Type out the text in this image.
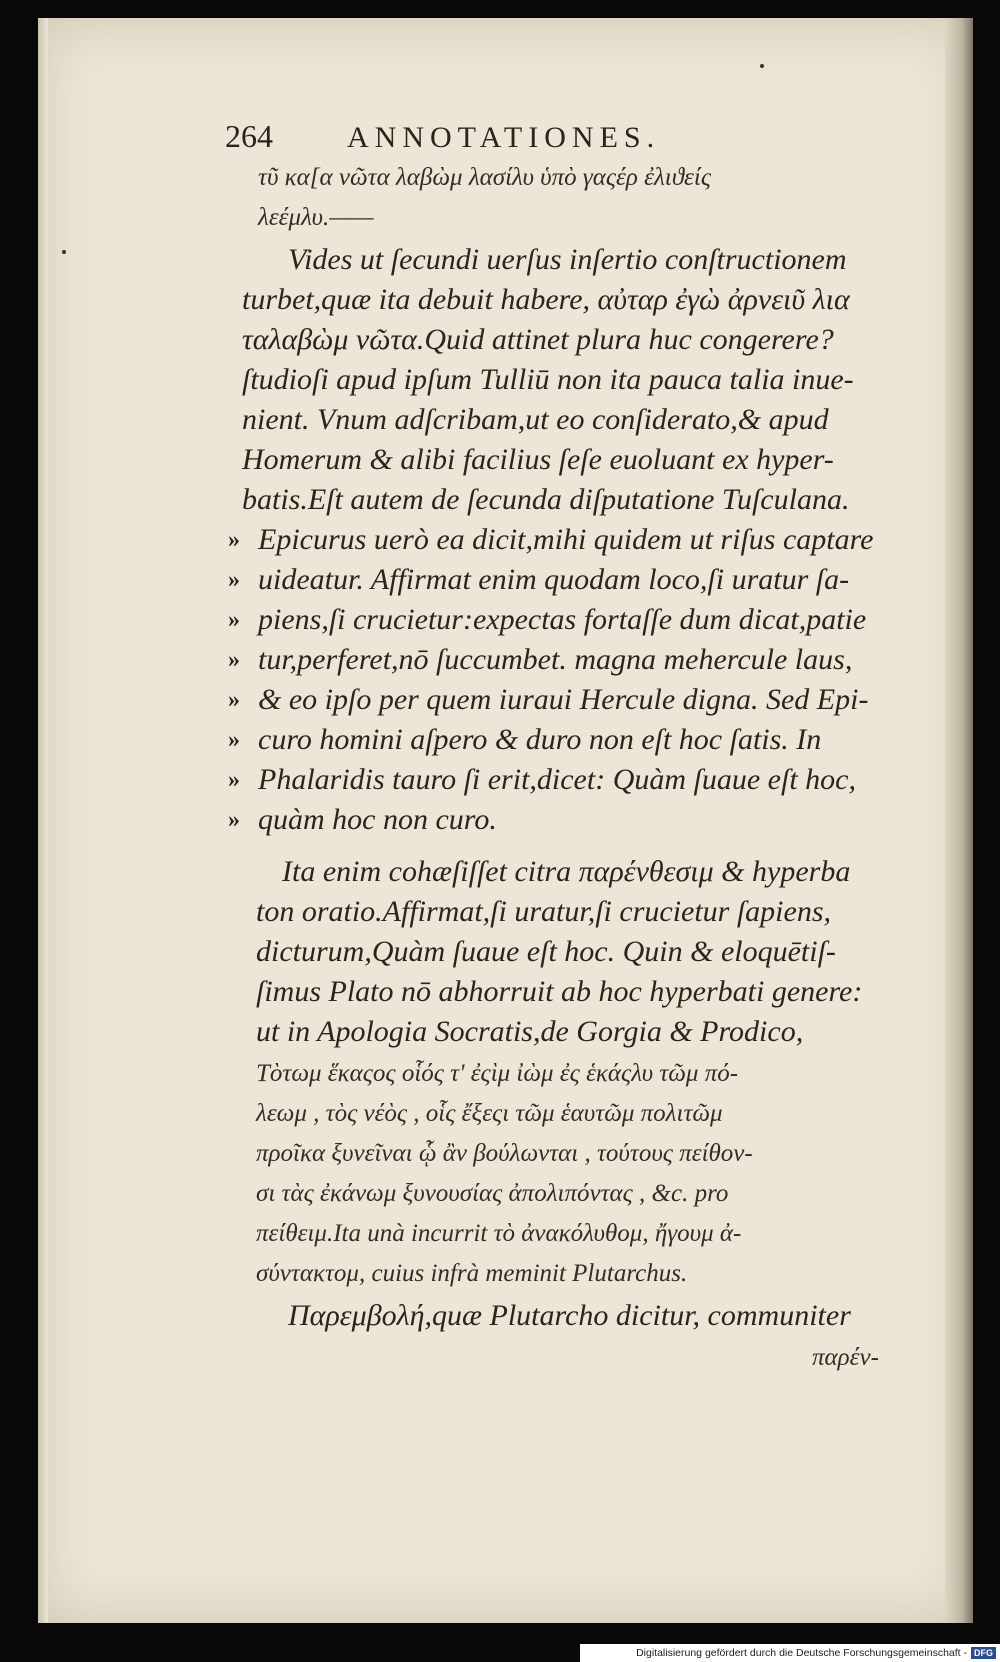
264 ANNOTATIONES.
τῦ κα[α νῶτα λαβὼμ λασίλυ ὑπὸ γαςέρ ἐλιϑείς
λεέμλυ.——
Vides ut ſecundi uerſus inſertio conſtructionem
turbet,quæ ita debuit habere, αὐταρ ἐγὼ ἀρνειῦ λια
ταλαβὼμ νῶτα.Quid attinet plura huc congerere?
ſtudioſi apud ipſum Tulliū non ita pauca talia inue-
nient. Vnum adſcribam,ut eo conſiderato,& apud
Homerum & alibi facilius ſeſe euoluant ex hyper-
batis.Eſt autem de ſecunda diſputatione Tuſculana.
»
»
»
»
»
»
»
»
Epicurus uerò ea dicit,mihi quidem ut riſus captare
uideatur. Affirmat enim quodam loco,ſi uratur ſa-
piens,ſi crucietur:expectas fortaſſe dum dicat,patie
tur,perferet,nō ſuccumbet. magna mehercule laus,
& eo ipſo per quem iuraui Hercule digna. Sed Epi-
curo homini aſpero & duro non eſt hoc ſatis. In
Phalaridis tauro ſi erit,dicet: Quàm ſuaue eſt hoc,
quàm hoc non curo.
Ita enim cohæſiſſet citra παρένθεσιμ & hyperba
ton oratio.Affirmat,ſi uratur,ſi crucietur ſapiens,
dicturum,Quàm ſuaue eſt hoc. Quin & eloquētiſ-
ſimus Plato nō abhorruit ab hoc hyperbati genere:
ut in Apologia Socratis,de Gorgia & Prodico,
Τὸτωμ ἕκαςος οἷός τ' ἐςὶμ ἰὼμ ἐς ἑκάςλυ τῶμ πό-
λεωμ , τὸς νέὸς , οἷς ἔξεςι τῶμ ἑαυτῶμ πολιτῶμ
προῖκα ξυνεῖναι ᾧ ἂν βούλωνται , τούτους πείθον-
σι τὰς ἐκάνωμ ξυνουσίας ἀπολιπόντας , &c. pro
πείθειμ.Ita unà incurrit τὸ ἀνακόλυθομ, ἤγουμ ἀ-
σύντακτομ, cuius infrà meminit Plutarchus.
Παρεμβολή,quæ Plutarcho dicitur, communiter
παρέν-
Digitalisierung gefördert durch die Deutsche Forschungsgemeinschaft - DFG
